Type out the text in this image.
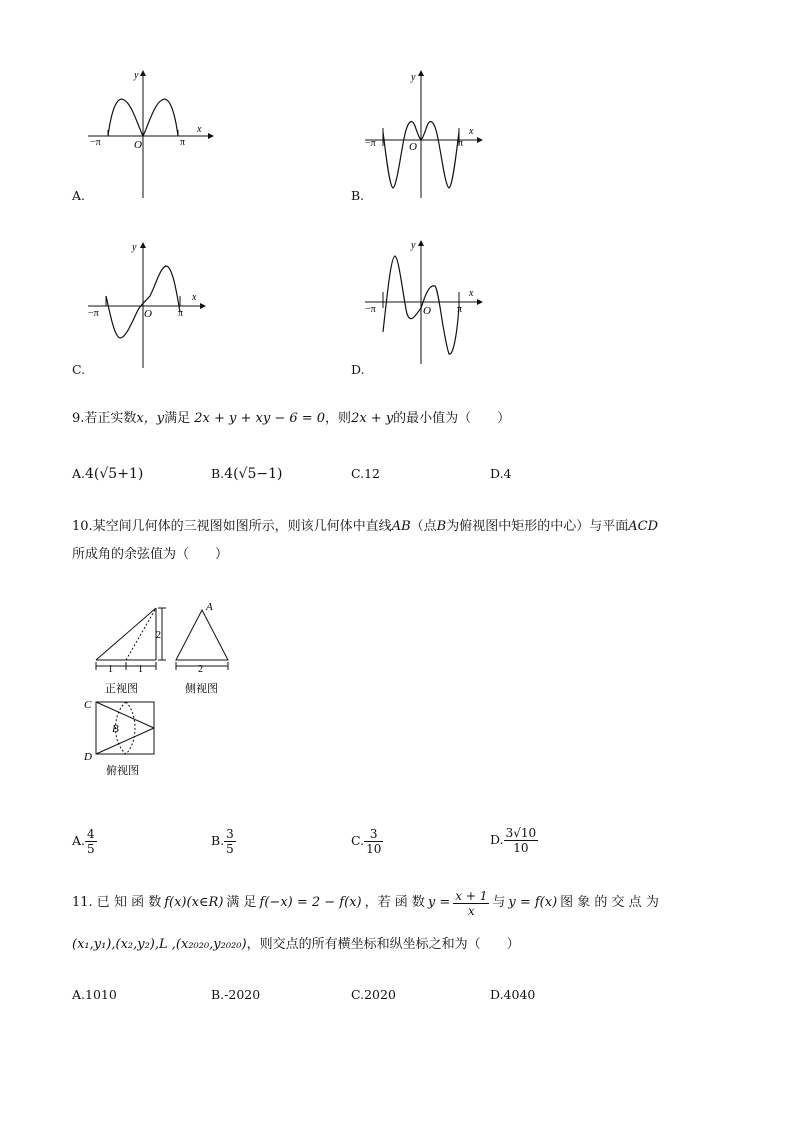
y
x
O
−π	π
A.
y
x
O
−π	π
B.
y
x
O
−π	π
C.
y
x
O
−π	π
D.
9.若正实数x，y满足 2x + y + xy − 6 = 0，则2x + y的最小值为（　　）
A.4(√5+1)	B.4(√5−1)	C.12	D.4
10.某空间几何体的三视图如图所示，则该几何体中直线AB（点B为俯视图中矩形的中心）与平面ACD
所成角的余弦值为（　　）
1	1
2
正视图
2
A
侧视图
C
D
B
俯视图
A. $\frac{4}{5}$	B. $\frac{3}{5}$	C. $\frac{3}{10}$	D. $\frac{3√10}{10}$
11. 已 知 函 数 f(x)(x∈R) 满 足 f(−x) = 2 − f(x) ，若 函 数 $y = \frac{x + 1}{x}$ 与 y = f(x) 图 象 的 交 点 为
(x₁,y₁),(x₂,y₂),L ,(x₂₀₂₀,y₂₀₂₀)，则交点的所有横坐标和纵坐标之和为（　　）
A.1010	B.-2020	C.2020	D.4040
